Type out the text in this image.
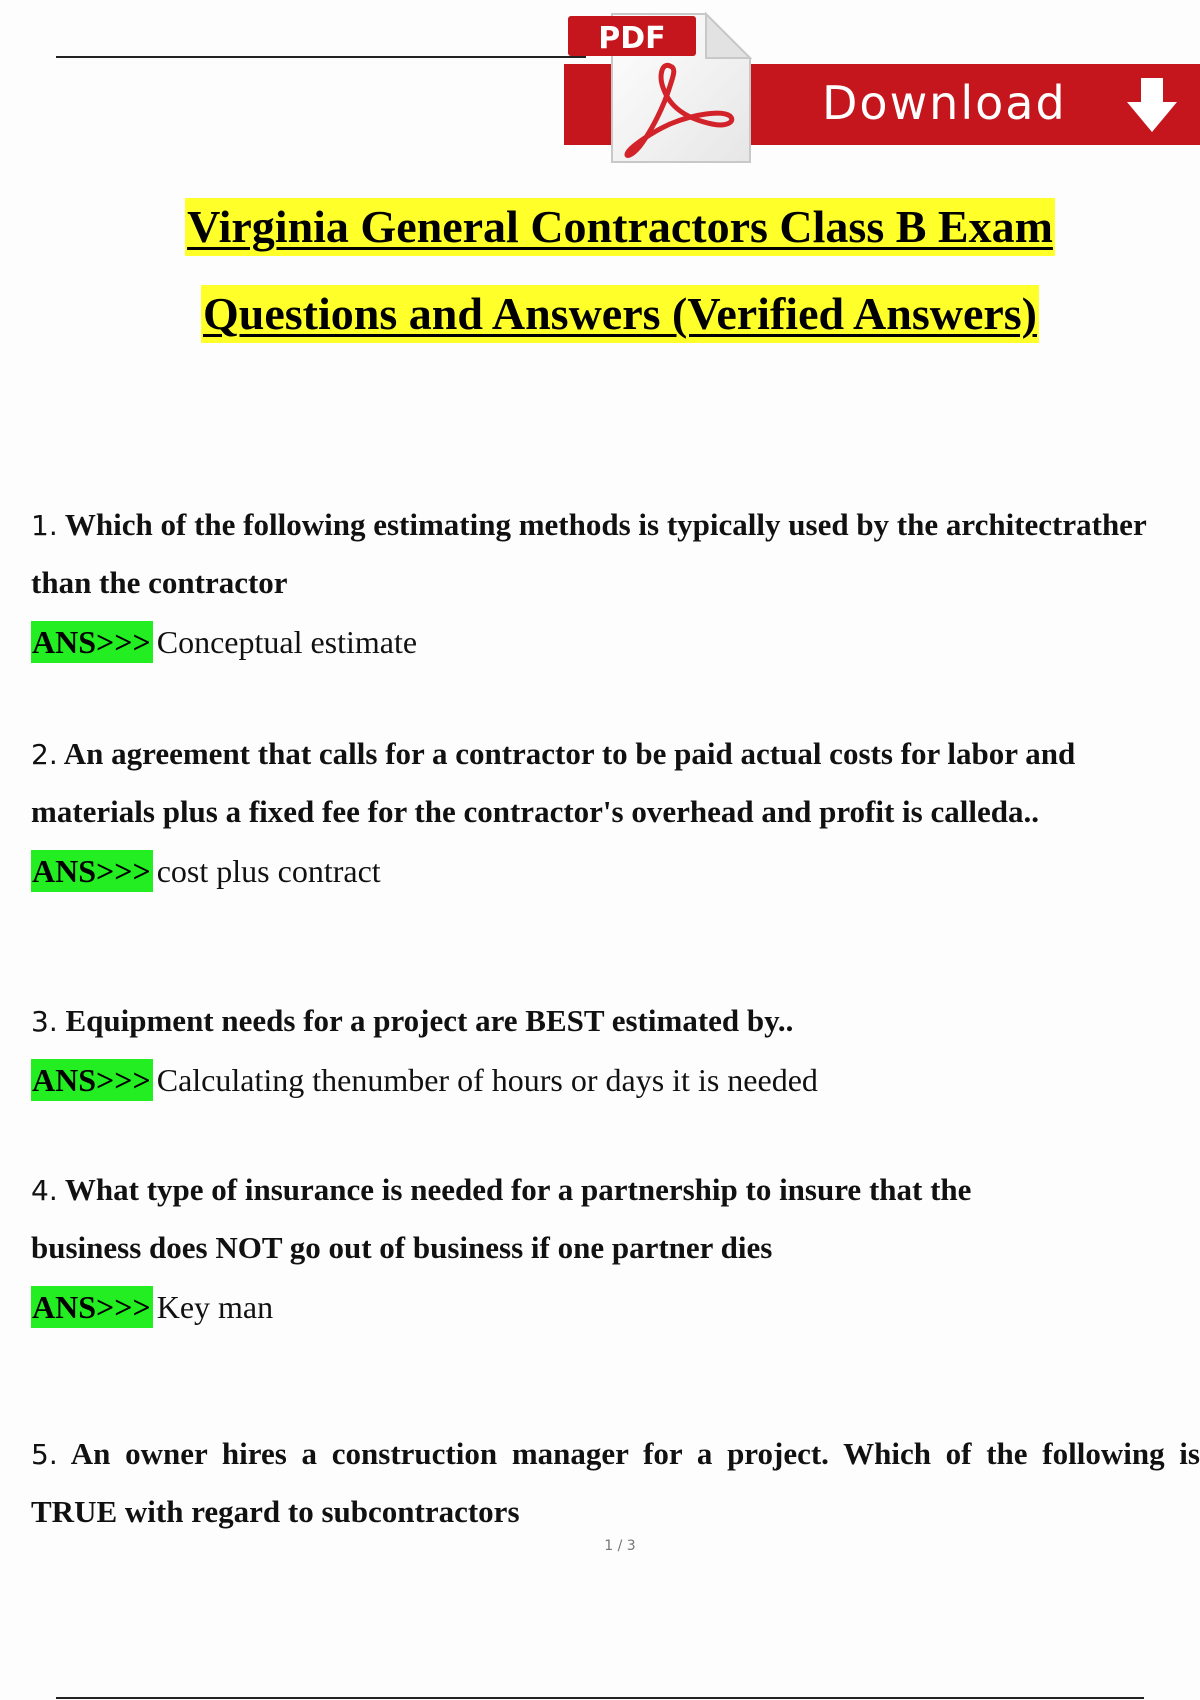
Download
PDF
Virginia General Contractors Class B Exam
Questions and Answers (Verified Answers)
1. Which of the following estimating methods is typically used by the architectrather
than the contractor
ANS>>> Conceptual estimate
2. An agreement that calls for a contractor to be paid actual costs for labor and
materials plus a fixed fee for the contractor's overhead and profit is calleda..
ANS>>> cost plus contract
3. Equipment needs for a project are BEST estimated by..
ANS>>> Calculating thenumber of hours or days it is needed
4. What type of insurance is needed for a partnership to insure that the
business does NOT go out of business if one partner dies
ANS>>> Key man
5. An owner hires a construction manager for a project. Which of the following is
TRUE with regard to subcontractors
1 / 3
